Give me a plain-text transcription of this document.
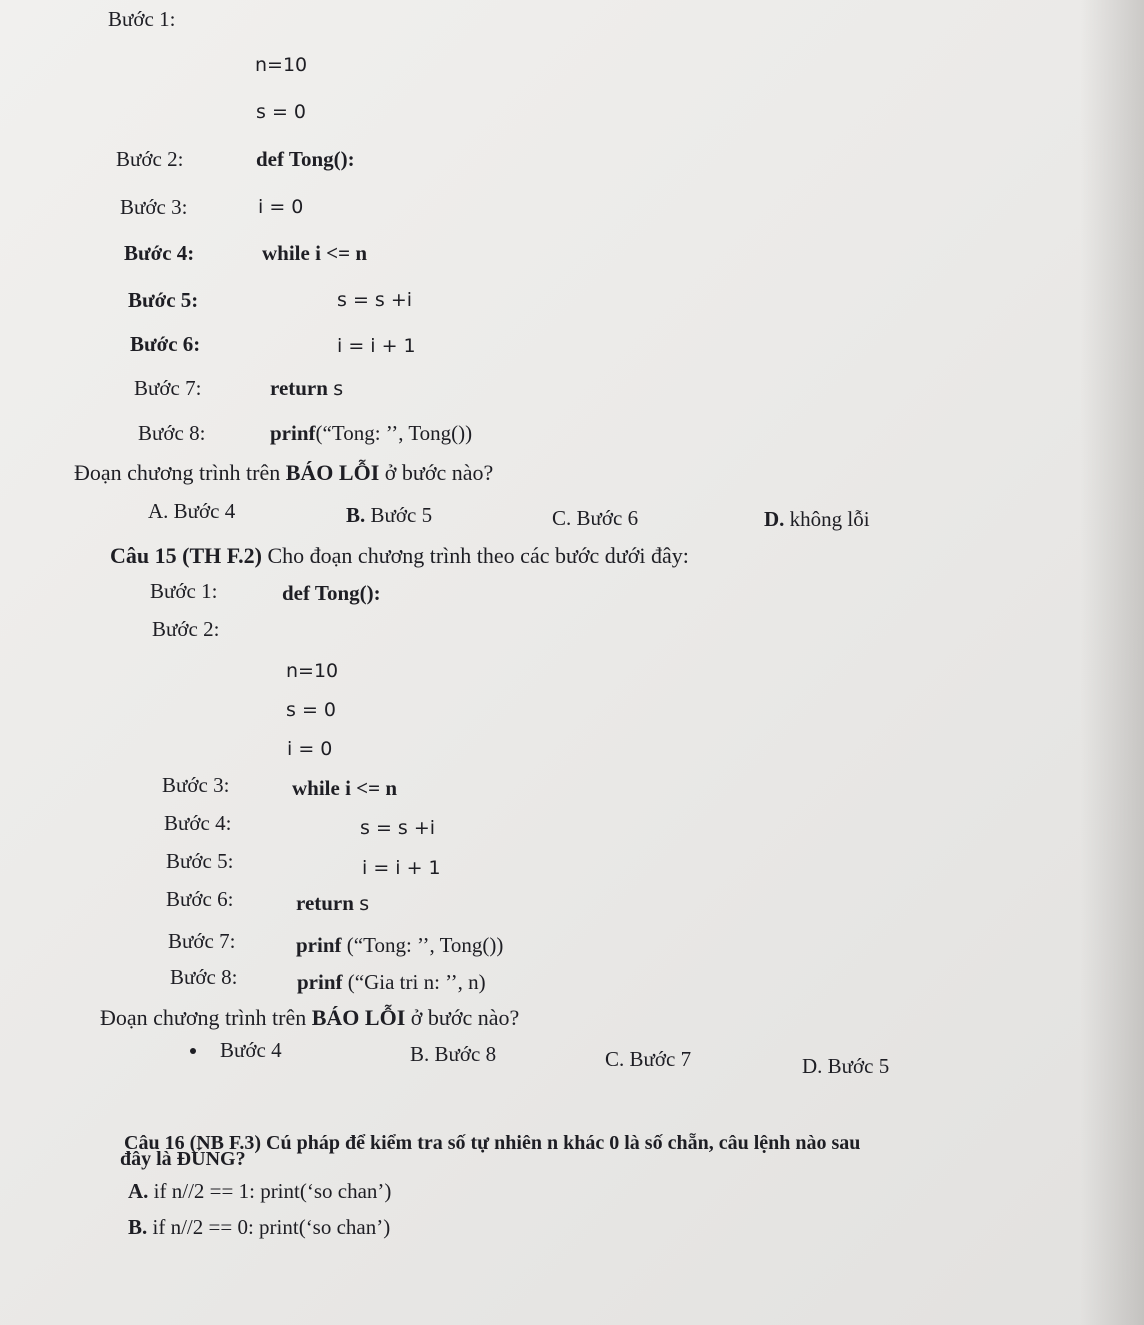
Bước 1:
n=10
s = 0
Bước 2:	def Tong():
Bước 3:	i = 0
Bước 4:	while i <= n
Bước 5:	s = s +i
Bước 6:	i = i + 1
Bước 7:	return s
Bước 8:	prinf(“Tong: ’’, Tong())
Đoạn chương trình trên BÁO LỖI ở bước nào?
A. Bước 4	B. Bước 5	C. Bước 6	D. không lỗi
Câu 15 (TH F.2) Cho đoạn chương trình theo các bước dưới đây:
Bước 1:	def Tong():
Bước 2:
n=10
s = 0
i = 0
Bước 3:	while i <= n
Bước 4:	s = s +i
Bước 5:	i = i + 1
Bước 6:	return s
Bước 7:	prinf (“Tong: ’’, Tong())
Bước 8:	prinf (“Gia tri n: ’’, n)
Đoạn chương trình trên BÁO LỖI ở bước nào?
Bước 4	B. Bước 8	C. Bước 7	D. Bước 5
Câu 16 (NB F.3) Cú pháp để kiểm tra số tự nhiên n khác 0 là số chẵn, câu lệnh nào sau
đây là ĐÚNG?
A. if n//2 == 1: print(‘so chan’)
B. if n//2 == 0: print(‘so chan’)
